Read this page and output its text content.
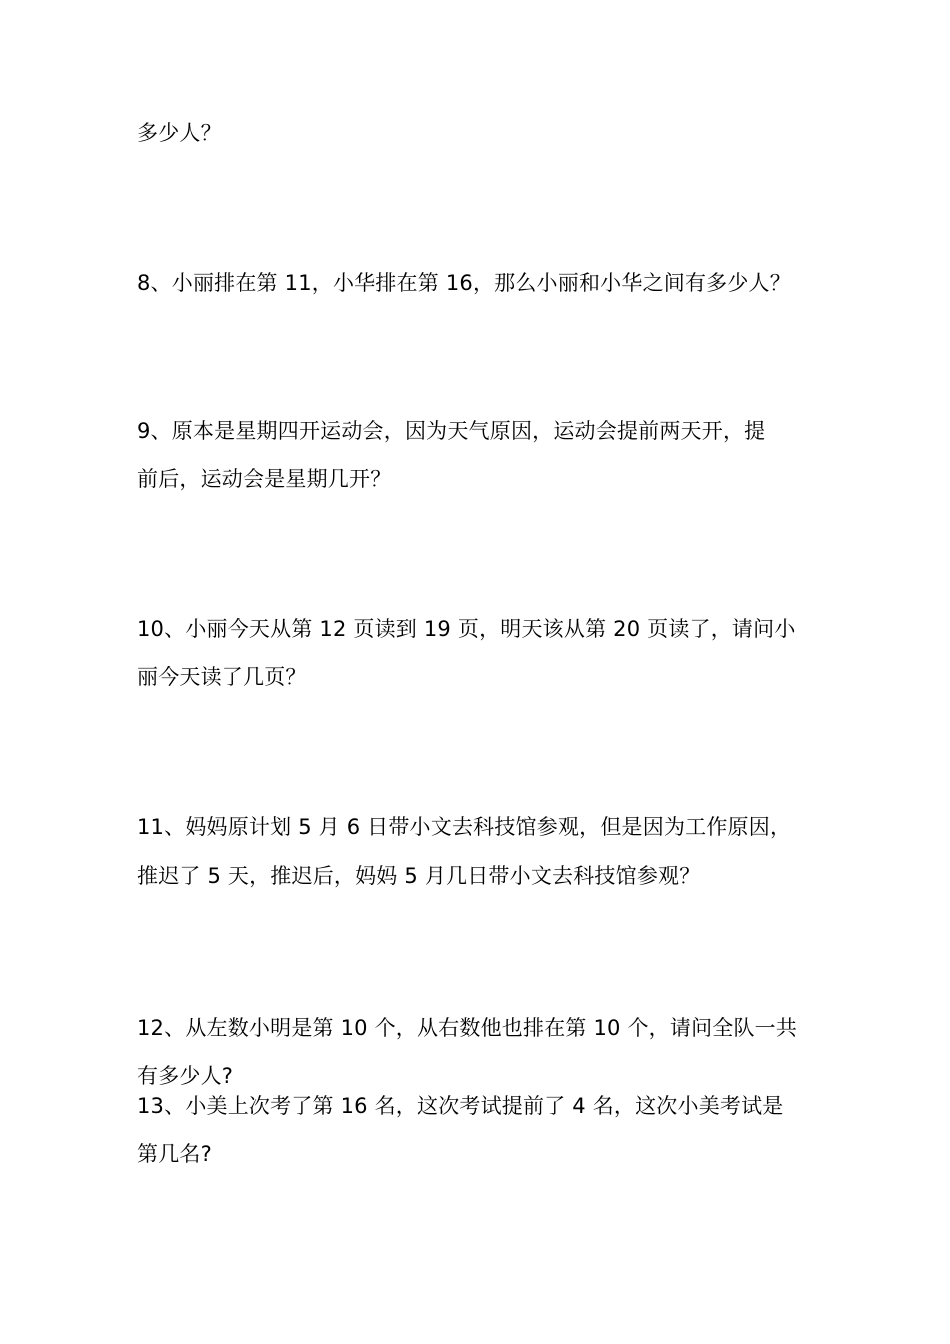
多少人？
8、小丽排在第 11，小华排在第 16，那么小丽和小华之间有多少人？
9、原本是星期四开运动会，因为天气原因，运动会提前两天开，提
前后，运动会是星期几开？
10、小丽今天从第 12 页读到 19 页，明天该从第 20 页读了，请问小
丽今天读了几页？
11、妈妈原计划 5 月 6 日带小文去科技馆参观，但是因为工作原因，
推迟了 5 天，推迟后，妈妈 5 月几日带小文去科技馆参观？
12、从左数小明是第 10 个，从右数他也排在第 10 个，请问全队一共
有多少人?
13、小美上次考了第 16 名，这次考试提前了 4 名，这次小美考试是
第几名?
